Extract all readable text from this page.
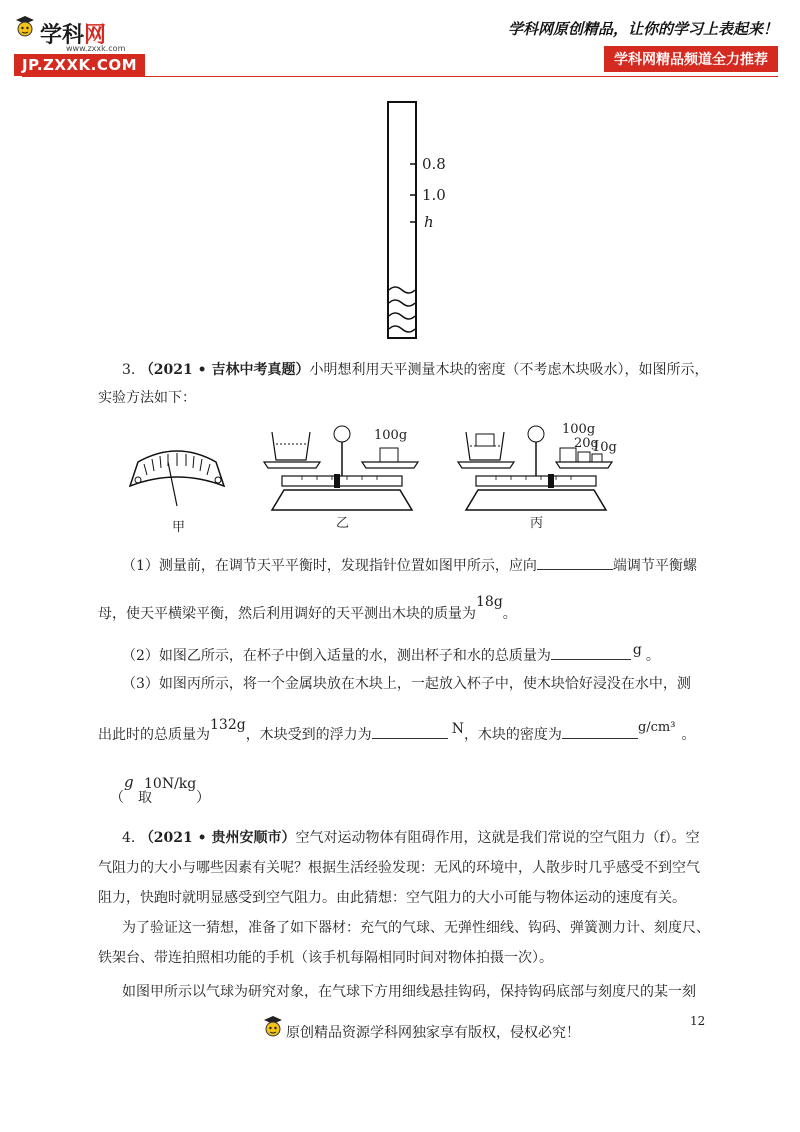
学科网
www.zxxk.com
JP.ZXXK.COM
学科网原创精品，让你的学习上表起来！
学科网精品频道全力推荐
0.8
1.0
h
3. （2021 • 吉林中考真题）小明想利用天平测量木块的密度（不考虑木块吸水），如图所示，
实验方法如下：
甲
100g
乙
100g
20g
10g
丙
（1）测量前，在调节天平平衡时，发现指针位置如图甲所示，应向	端调节平衡螺
母，使天平横梁平衡，然后利用调好的天平测出木块的质量为18g。
（2）如图乙所示，在杯子中倒入适量的水，测出杯子和水的总质量为	g 。
（3）如图丙所示，将一个金属块放在木块上，一起放入杯子中，使木块恰好浸没在水中，测
出此时的总质量为132g，木块受到的浮力为	N，木块的密度为	g/cm³ 。
（
g
取
10N/kg
）
4. （2021 • 贵州安顺市）空气对运动物体有阻碍作用，这就是我们常说的空气阻力（f）。空
气阻力的大小与哪些因素有关呢？根据生活经验发现：无风的环境中，人散步时几乎感受不到空气
阻力，快跑时就明显感受到空气阻力。由此猜想：空气阻力的大小可能与物体运动的速度有关。
为了验证这一猜想，准备了如下器材：充气的气球、无弹性细线、钩码、弹簧测力计、刻度尺、
铁架台、带连拍照相功能的手机（该手机每隔相同时间对物体拍摄一次）。
如图甲所示以气球为研究对象，在气球下方用细线悬挂钩码，保持钩码底部与刻度尺的某一刻
12
原创精品资源学科网独家享有版权，侵权必究！
